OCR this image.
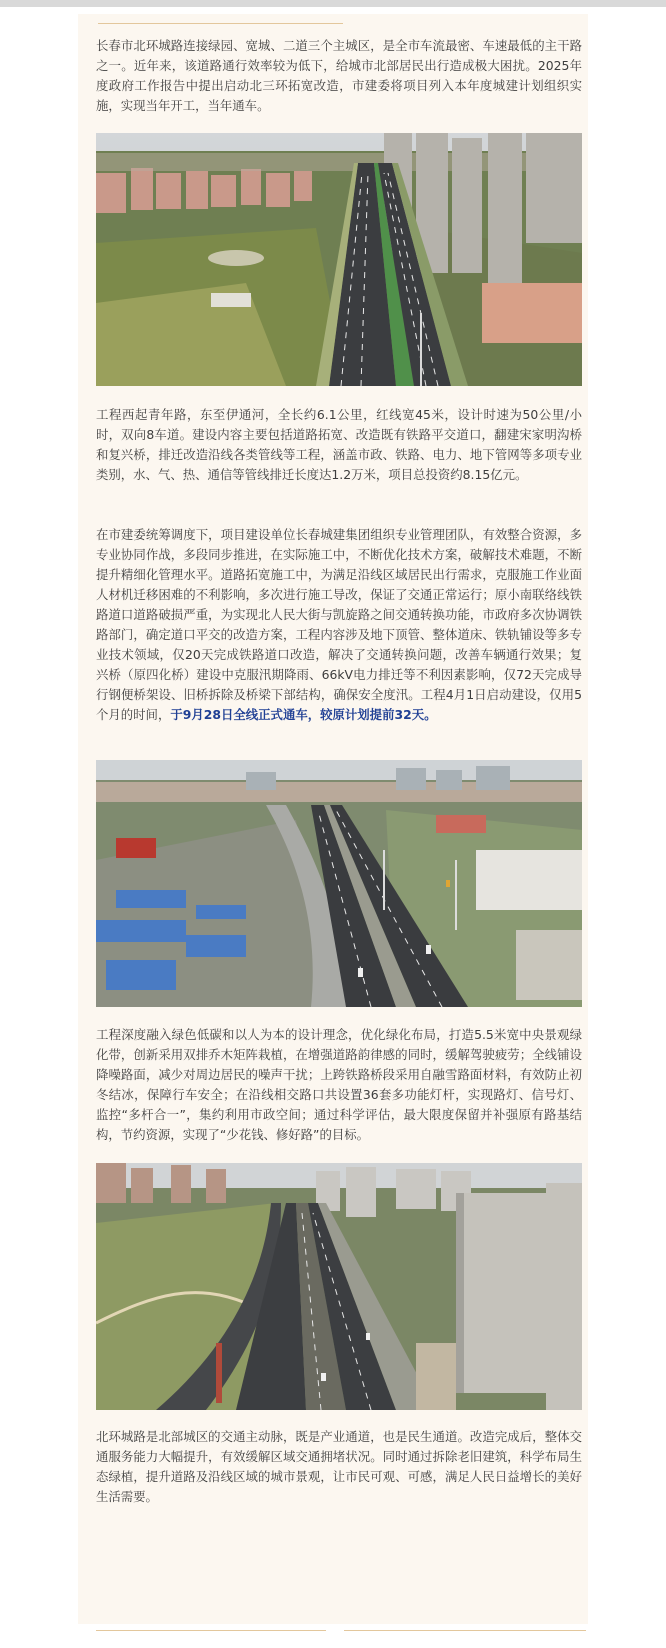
长春市北环城路连接绿园、宽城、二道三个主城区，是全市车流最密、车速最低的主干路之一。近年来，该道路通行效率较为低下，给城市北部居民出行造成极大困扰。2025年度政府工作报告中提出启动北三环拓宽改造，市建委将项目列入本年度城建计划组织实施，实现当年开工，当年通车。

工程西起青年路，东至伊通河，全长约6.1公里，红线宽45米，设计时速为50公里/小时，双向8车道。建设内容主要包括道路拓宽、改造既有铁路平交道口，翻建宋家明沟桥和复兴桥，排迁改造沿线各类管线等工程，涵盖市政、铁路、电力、地下管网等多项专业类别，水、气、热、通信等管线排迁长度达1.2万米，项目总投资约8.15亿元。

在市建委统筹调度下，项目建设单位长春城建集团组织专业管理团队，有效整合资源，多专业协同作战，多段同步推进，在实际施工中，不断优化技术方案，破解技术难题，不断提升精细化管理水平。道路拓宽施工中，为满足沿线区域居民出行需求，克服施工作业面人材机迁移困难的不利影响，多次进行施工导改，保证了交通正常运行；原小南联络线铁路道口道路破损严重，为实现北人民大街与凯旋路之间交通转换功能，市政府多次协调铁路部门，确定道口平交的改造方案，工程内容涉及地下顶管、整体道床、铁轨铺设等多专业技术领域，仅20天完成铁路道口改造，解决了交通转换问题，改善车辆通行效果；复兴桥（原四化桥）建设中克服汛期降雨、66kV电力排迁等不利因素影响，仅72天完成导行钢便桥架设、旧桥拆除及桥梁下部结构，确保安全度汛。工程4月1日启动建设，仅用5个月的时间，于9月28日全线正式通车，较原计划提前32天。

工程深度融入绿色低碳和以人为本的设计理念，优化绿化布局，打造5.5米宽中央景观绿化带，创新采用双排乔木矩阵栽植，在增强道路韵律感的同时，缓解驾驶疲劳；全线铺设降噪路面，减少对周边居民的噪声干扰；上跨铁路桥段采用自融雪路面材料，有效防止初冬结冰，保障行车安全；在沿线相交路口共设置36套多功能灯杆，实现路灯、信号灯、监控“多杆合一”，集约利用市政空间；通过科学评估，最大限度保留并补强原有路基结构，节约资源，实现了“少花钱、修好路”的目标。

北环城路是北部城区的交通主动脉，既是产业通道，也是民生通道。改造完成后，整体交通服务能力大幅提升，有效缓解区域交通拥堵状况。同时通过拆除老旧建筑，科学布局生态绿植，提升道路及沿线区域的城市景观，让市民可观、可感，满足人民日益增长的美好生活需要。
